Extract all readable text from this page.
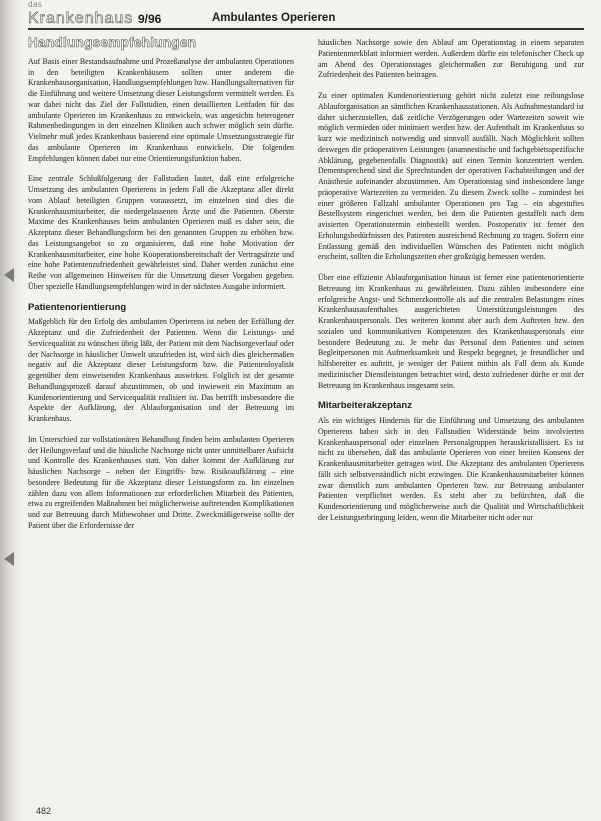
das
Krankenhaus 9/96	Ambulantes Operieren
Handlungsempfehlungen

Auf Basis einer Bestandsaufnahme und Prozeßanalyse der ambulanten Operationen in den beteiligten Krankenhäusern sollten unter anderem die Krankenhausorganisation, Handlungsempfehlungen bzw. Handlungsalternativen für die Einführung und weitere Umsetzung dieser Leistungsform vermittelt werden. Es war dabei nicht das Ziel der Fallstudien, einen detaillierten Leitfaden für das ambulante Operieren im Krankenhaus zu entwickeln, was angesichts heterogener Rahmenbedingungen in den einzelnen Kliniken auch schwer möglich sein dürfte. Vielmehr muß jedes Krankenhaus basierend eine optimale Umsetzungsstrategie für das ambulante Operieren im Krankenhaus entwickeln. Die folgenden Empfehlungen können dabei nur eine Orientierungsfunktion haben.

Eine zentrale Schlußfolgerung der Fallstudien lautet, daß eine erfolgreiche Umsetzung des ambulanten Operierens in jedem Fall die Akzeptanz aller direkt vom Ablauf beteiligten Gruppen voraussetzt, im einzelnen sind dies die Krankenhausmitarbeiter, die niedergelassenen Ärzte und die Patienten. Oberste Maxime des Krankenhauses beim ambulanten Operieren muß es daher sein, die Akzeptanz dieser Behandlungsform bei den genannten Gruppen zu erhöhen bzw. das Leistungsangebot so zu organisieren, daß eine hohe Motivation der Krankenhausmitarbeiter, eine hohe Kooperationsbereitschaft der Vertragsärzte und eine hohe Patientenzufriedenheit gewährleistet sind. Daher werden zunächst eine Reihe von allgemeinen Hinweisen für die Umsetzung dieser Vorgaben gegeben. Über spezielle Handlungsempfehlungen wird in der nächsten Ausgabe informiert.

Patientenorientierung

Maßgeblich für den Erfolg des ambulanten Operierens ist neben der Erfüllung der Akzeptanz und die Zufriedenheit der Patienten. Wenn die Leistungs- und Servicequalität zu wünschen übrig läßt, der Patient mit dem Nachsorgeverlauf oder der Nachsorge in häuslicher Umwelt unzufrieden ist, wird sich dies gleichermaßen negativ auf die Akzeptanz dieser Leistungsform bzw. die Patientenloyalität gegenüber dem einweisenden Krankenhaus auswirken. Folglich ist der gesamte Behandlungsprozeß darauf abzustimmen, ob und inwieweit ein Maximum an Kundenorientierung und Servicequalität realisiert ist. Das betrifft insbesondere die Aspekte der Aufklärung, der Ablauforganisation und der Betreuung im Krankenhaus.

Im Unterschied zur vollstationären Behandlung finden beim ambulanten Operieren der Heilungsverlauf und die häusliche Nachsorge nicht unter unmittelbarer Aufsicht und Kontrolle des Krankenhauses statt. Von daher kommt der Aufklärung zur häuslichen Nachsorge – neben der Eingriffs- bzw. Risikoaufklärung – eine besondere Bedeutung für die Akzeptanz dieser Leistungsform zu. Im einzelnen zählen dazu von allem Informationen zur erforderlichen Mitarbeit des Patienten, etwa zu ergreifenden Maßnahmen bei möglicherweise auftretenden Komplikationen und zur Betreuung durch Mitbewohner und Dritte. Zweckmäßigerweise sollte der Patient über die Erfordernisse der

häuslichen Nachsorge sowie den Ablauf am Operationstag in einem separaten Patientenmerkblatt informiert werden. Außerdem dürfte ein telefonischer Check up am Abend des Operationstages gleichermaßen zur Beruhigung und zur Zufriedenheit des Patienten beitragen.

Zu einer optimalen Kundenorientierung gehört nicht zuletzt eine reibungslose Ablauforganisation an sämtlichen Krankenhausstationen. Als Aufnahmestandard ist daher sicherzustellen, daß zeitliche Verzögerungen oder Wartezeiten soweit wie möglich vermieden oder minimiert werden bzw. der Aufenthalt im Krankenhaus so kurz wie medizinisch notwendig und sinnvoll ausfällt. Nach Möglichkeit sollten deswegen die präoperativen Leistungen (anamnestische und fachgebietsspezifische Abklärung, gegebenenfalls Diagnostik) auf einen Termin konzentriert werden. Dementsprechend sind die Sprechstunden der operativen Fachabteilungen und der Anästhesie aufeinander abzustimmen. Am Operationstag sind insbesondere lange präoperative Wartezeiten zu vermeiden. Zu diesem Zweck sollte – zumindest bei einer größeren Fallzahl ambulanter Operationen pro Tag – ein abgestuftes Bestellsystem eingerichtet werden, bei dem die Patienten gestaffelt nach dem avisierten Operationstermin einbestellt werden. Postoperativ ist ferner den Erholungsbedürfnissen des Patienten ausreichend Rechnung zu tragen. Sofern eine Entlassung gemäß den individuellen Wünschen des Patienten nicht möglich erscheint, sollten die Erholungszeiten eher großzügig bemessen werden.

Über eine effiziente Ablauforganisation hinaus ist ferner eine patientenorientierte Betreuung im Krankenhaus zu gewährleisten. Dazu zählen insbesondere eine erfolgreiche Angst- und Schmerzkontrolle als auf die zentralen Belastungen eines Krankenhausaufenthaltes ausgerichteten Unterstützungsleistungen des Krankenhauspersonals. Des weiteren kommt aber auch dem Auftreten bzw. den sozialen und kommunikativen Kompetenzen des Krankenhauspersonals eine besondere Bedeutung zu. Je mehr das Personal dem Patienten und seinen Begleitpersonen mit Aufmerksamkeit und Respekt begegnet, je freundlicher und hilfsbereiter es auftritt, je weniger der Patient mithin als Fall denn als Kunde medizinischer Dienstleistungen betrachtet wird, desto zufriedener dürfte er mit der Betreuung im Krankenhaus insgesamt sein.

Mitarbeiterakzeptanz

Als ein wichtiges Hindernis für die Einführung und Umsetzung des ambulanten Operierens haben sich in den Fallstudien Widerstände beim involvierten Krankenhauspersonal oder einzelnen Personalgruppen herauskristallisiert. Es ist nicht zu übersehen, daß das ambulante Operieren von einer breiten Konsens der Krankenhausmitarbeiter getragen wird. Die Akzeptanz des ambulanten Operierens fällt sich selbstverständlich nicht erzwingen. Die Krankenhausmitarbeiter können zwar dienstlich zum ambulanten Operieren bzw. zur Betreuung ambulanter Patienten verpflichtet werden. Es steht aber zu befürchten, daß die Kundenorientierung und möglicherweise auch die Qualität und Wirtschaftlichkeit der Leistungserbringung leiden, wenn die Mitarbeiter nicht oder nur

482
